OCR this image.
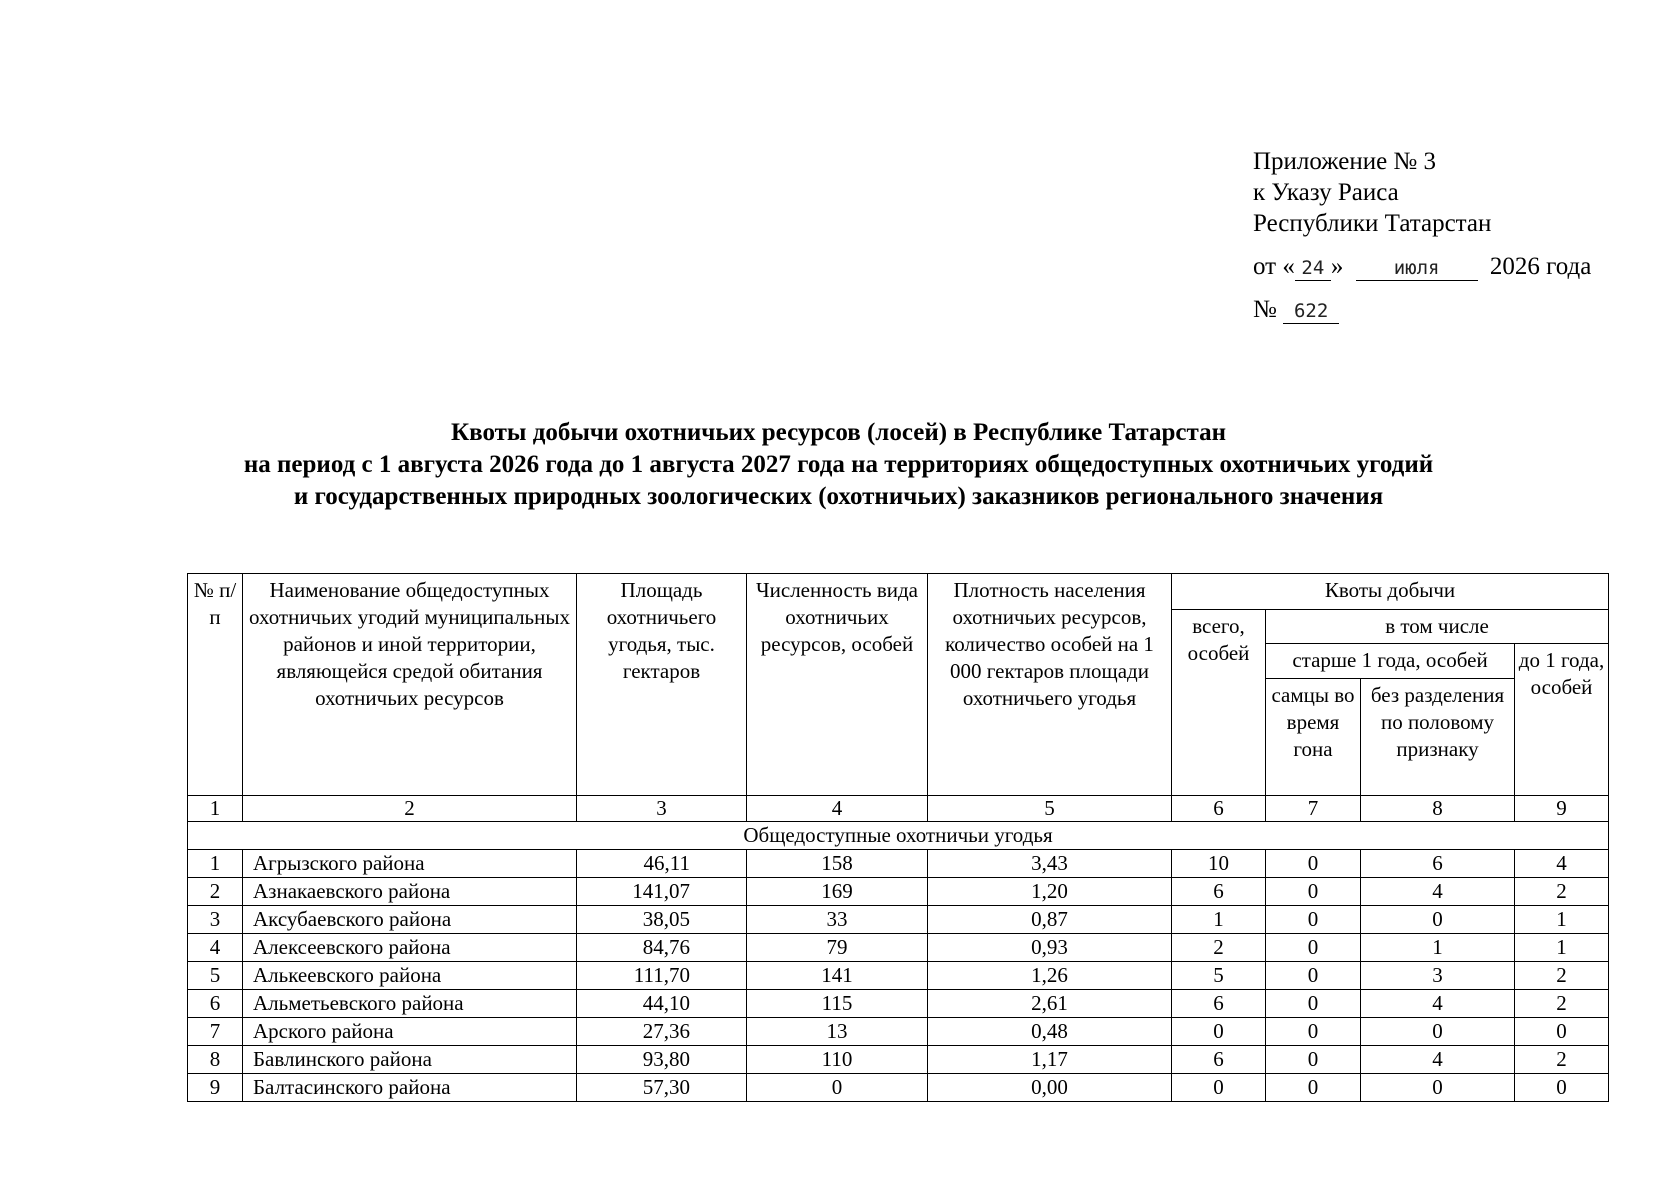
Приложение № 3
к Указу Раиса
Республики Татарстан
от « 24 »	июля 2026 года
№ 622
Квоты добычи охотничьих ресурсов (лосей) в Республике Татарстан
на период с 1 августа 2026 года до 1 августа 2027 года на территориях общедоступных охотничьих угодий
и государственных природных зоологических (охотничьих) заказников регионального значения
№ п/п	Наименование общедоступных охотничьих угодий муниципальных районов и иной территории, являющейся средой обитания охотничьих ресурсов	Площадь охотничьего угодья, тыс. гектаров	Численность вида охотничьих ресурсов, особей	Плотность населения охотничьих ресурсов, количество особей на 1 000 гектаров площади охотничьего угодья	Квоты добычи			
					всего, особей	в том числе		
						старше 1 года, особей		до 1 года, особей
						самцы во время гона	без разделения по половому признаку	
1	2	3	4	5	6	7	8	9
Общедоступные охотничьи угодья								
1	Агрызского района	46,11	158	3,43	10	0	6	4
2	Азнакаевского района	141,07	169	1,20	6	0	4	2
3	Аксубаевского района	38,05	33	0,87	1	0	0	1
4	Алексеевского района	84,76	79	0,93	2	0	1	1
5	Алькеевского района	111,70	141	1,26	5	0	3	2
6	Альметьевского района	44,10	115	2,61	6	0	4	2
7	Арского района	27,36	13	0,48	0	0	0	0
8	Бавлинского района	93,80	110	1,17	6	0	4	2
9	Балтасинского района	57,30	0	0,00	0	0	0	0
